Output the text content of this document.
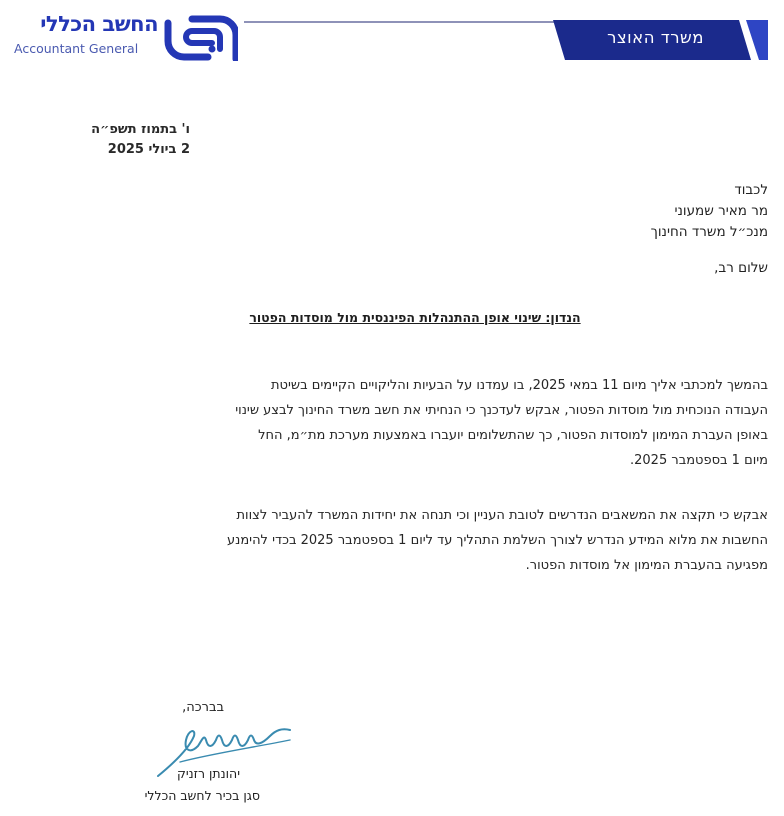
החשב הכללי
Accountant General
משרד האוצר
ו' בתמוז תשפ״ה
2 ביולי 2025
לכבוד
מר מאיר שמעוני
מנכ״ל משרד החינוך
שלום רב,
הנדון: שינוי אופן ההתנהלות הפיננסית מול מוסדות הפטור
בהמשך למכתבי אליך מיום 11 במאי 2025, בו עמדנו על הבעיות והליקויים הקיימים בשיטת
העבודה הנוכחית מול מוסדות הפטור, אבקש לעדכנך כי הנחיתי את חשב משרד החינוך לבצע שינוי
באופן העברת המימון למוסדות הפטור, כך שהתשלומים יועברו באמצעות מערכת מת״מ, החל
מיום 1 בספטמבר 2025.
אבקש כי תקצה את המשאבים הנדרשים לטובת העניין וכי תנחה את יחידות המשרד להעביר לצוות
החשבות את מלוא המידע הנדרש לצורך השלמת התהליך עד ליום 1 בספטמבר 2025 בכדי להימנע
מפגיעה בהעברת המימון אל מוסדות הפטור.
בברכה,
יהונתן רזניק
סגן בכיר לחשב הכללי
